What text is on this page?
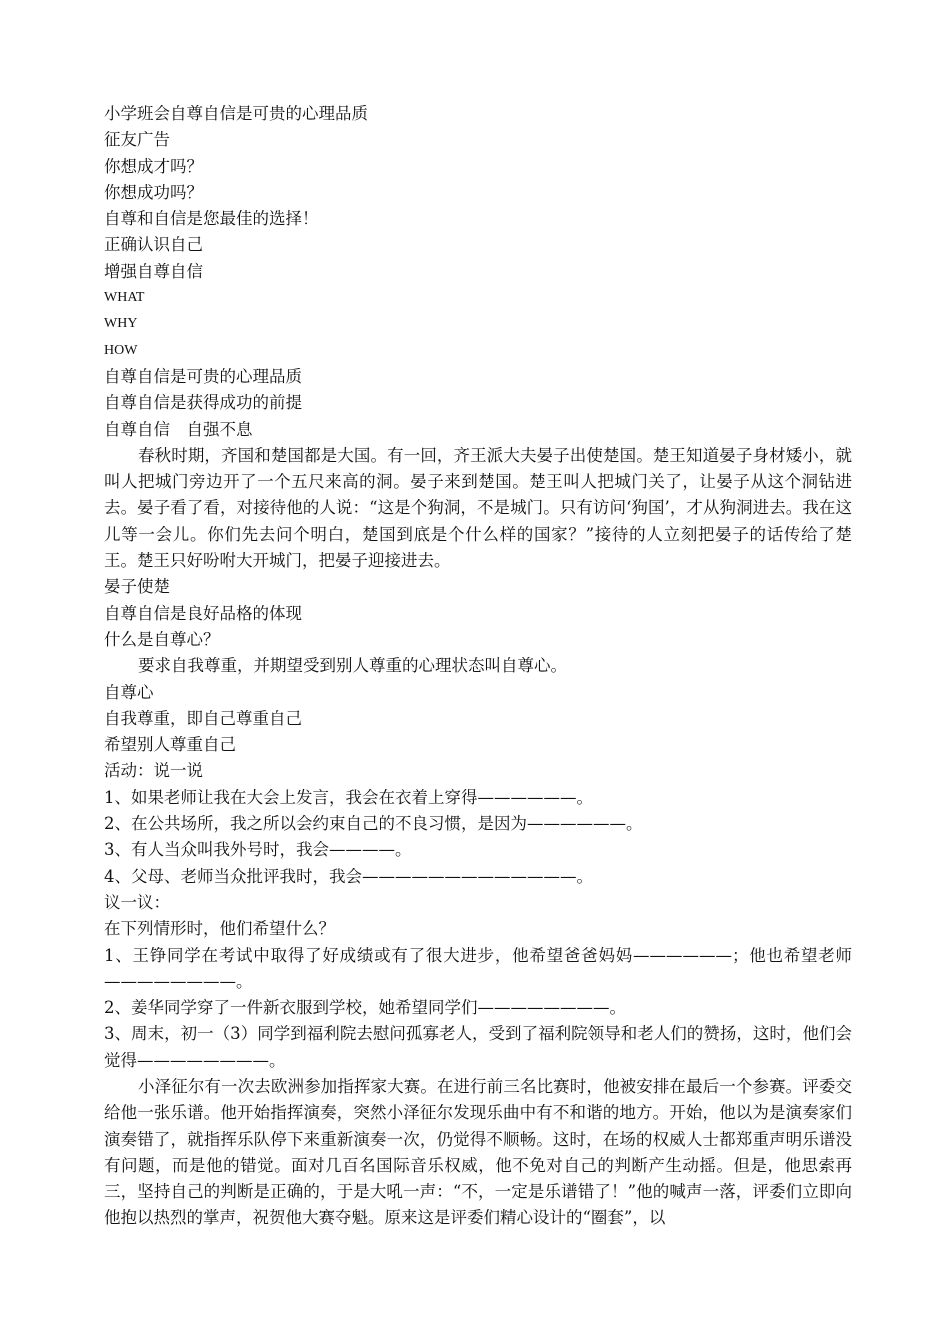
小学班会自尊自信是可贵的心理品质
征友广告
你想成才吗？
你想成功吗？
自尊和自信是您最佳的选择！
正确认识自己
增强自尊自信
WHAT
WHY
HOW
自尊自信是可贵的心理品质
自尊自信是获得成功的前提
自尊自信　自强不息

春秋时期，齐国和楚国都是大国。有一回，齐王派大夫晏子出使楚国。楚王知道晏子身材矮小，就叫人把城门旁边开了一个五尺来高的洞。晏子来到楚国。楚王叫人把城门关了，让晏子从这个洞钻进去。晏子看了看，对接待他的人说：“这是个狗洞，不是城门。只有访问‘狗国’，才从狗洞进去。我在这儿等一会儿。你们先去问个明白，楚国到底是个什么样的国家？”接待的人立刻把晏子的话传给了楚王。楚王只好吩咐大开城门，把晏子迎接进去。

晏子使楚
自尊自信是良好品格的体现
什么是自尊心？

要求自我尊重，并期望受到别人尊重的心理状态叫自尊心。

自尊心
自我尊重，即自己尊重自己
希望别人尊重自己
活动：说一说
1、如果老师让我在大会上发言，我会在衣着上穿得——————。
2、在公共场所，我之所以会约束自己的不良习惯，是因为——————。
3、有人当众叫我外号时，我会————。
4、父母、老师当众批评我时，我会—————————————。
议一议：
在下列情形时，他们希望什么？

1、王铮同学在考试中取得了好成绩或有了很大进步，他希望爸爸妈妈——————；他也希望老师————————。

2、姜华同学穿了一件新衣服到学校，她希望同学们————————。

3、周末，初一（3）同学到福利院去慰问孤寡老人，受到了福利院领导和老人们的赞扬，这时，他们会觉得————————。

小泽征尔有一次去欧洲参加指挥家大赛。在进行前三名比赛时，他被安排在最后一个参赛。评委交给他一张乐谱。他开始指挥演奏，突然小泽征尔发现乐曲中有不和谐的地方。开始，他以为是演奏家们演奏错了，就指挥乐队停下来重新演奏一次，仍觉得不顺畅。这时，在场的权威人士都郑重声明乐谱没有问题，而是他的错觉。面对几百名国际音乐权威，他不免对自己的判断产生动摇。但是，他思索再三，坚持自己的判断是正确的，于是大吼一声：“不，一定是乐谱错了！”他的喊声一落，评委们立即向他抱以热烈的掌声，祝贺他大赛夺魁。原来这是评委们精心设计的“圈套”，以
